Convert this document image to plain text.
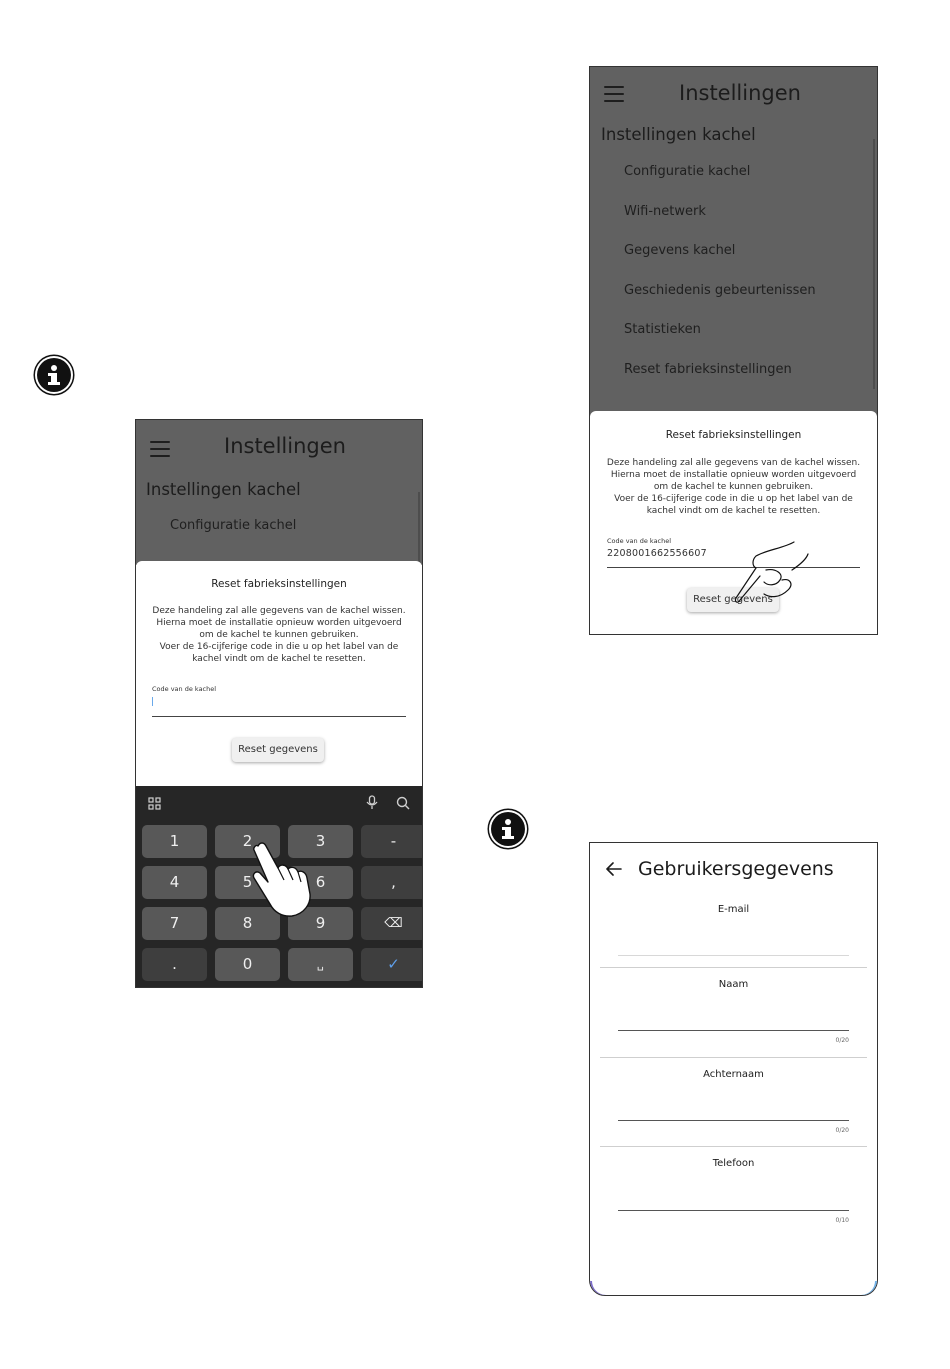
Instellingen
Instellingen kachel
Configuratie kachel
Reset fabrieksinstellingen
Deze handeling zal alle gegevens van de kachel wissen.
Hierna moet de installatie opnieuw worden uitgevoerd
om de kachel te kunnen gebruiken.
Voer de 16-cijferige code in die u op het label van de
kachel vindt om de kachel te resetten.
Code van de kachel
Reset gegevens
1	2	3	-
4	5	6	,
7	8	9	⌫
.	0	␣	✓
Instellingen
Instellingen kachel
Configuratie kachel
Wifi-netwerk
Gegevens kachel
Geschiedenis gebeurtenissen
Statistieken
Reset fabrieksinstellingen
Reset fabrieksinstellingen
Deze handeling zal alle gegevens van de kachel wissen.
Hierna moet de installatie opnieuw worden uitgevoerd
om de kachel te kunnen gebruiken.
Voer de 16-cijferige code in die u op het label van de
kachel vindt om de kachel te resetten.
Code van de kachel
2208001662556607
Reset gegevens
Gebruikersgegevens
E-mail
Naam
0/20
Achternaam
0/20
Telefoon
0/10
